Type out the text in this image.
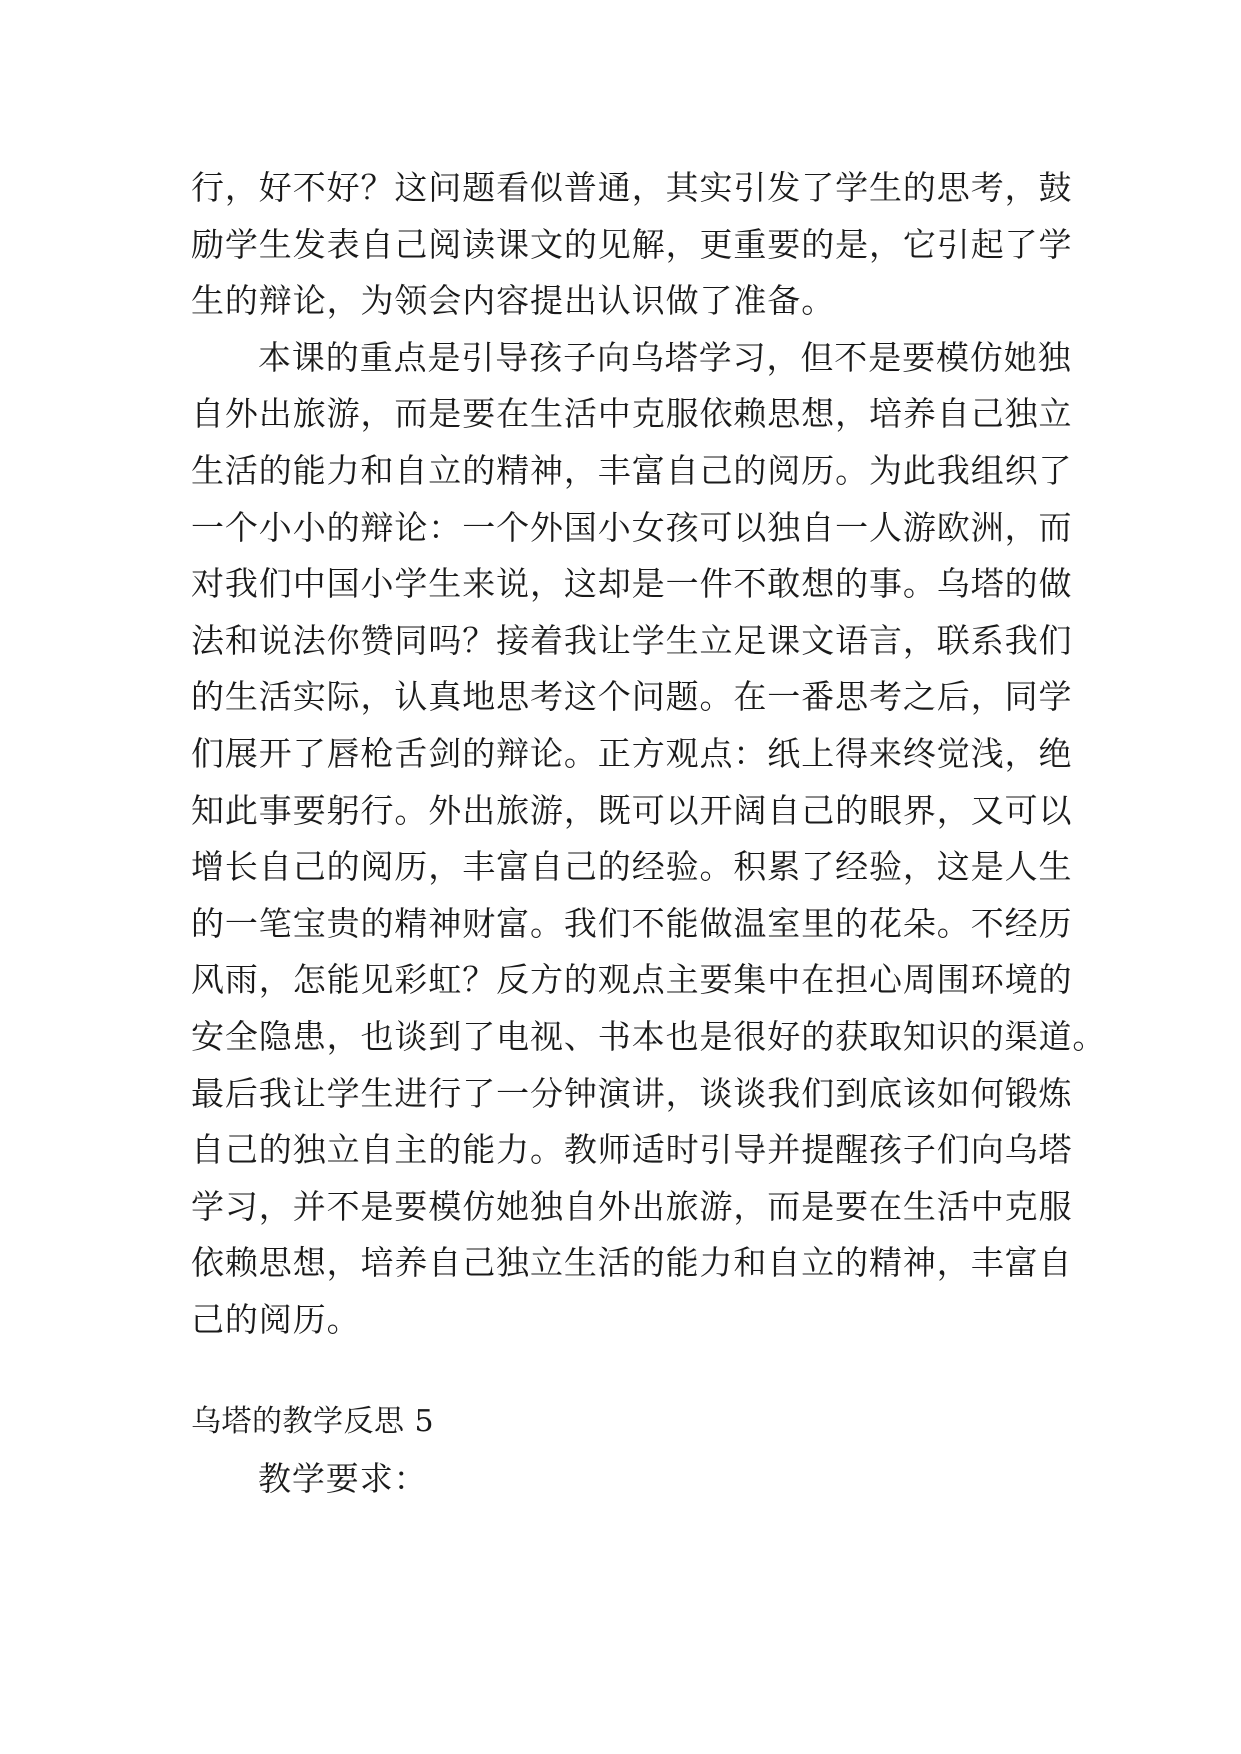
行，好不好？这问题看似普通，其实引发了学生的思考，鼓
励学生发表自己阅读课文的见解，更重要的是，它引起了学
生的辩论，为领会内容提出认识做了准备。
本课的重点是引导孩子向乌塔学习，但不是要模仿她独
自外出旅游，而是要在生活中克服依赖思想，培养自己独立
生活的能力和自立的精神，丰富自己的阅历。为此我组织了
一个小小的辩论：一个外国小女孩可以独自一人游欧洲，而
对我们中国小学生来说，这却是一件不敢想的事。乌塔的做
法和说法你赞同吗？接着我让学生立足课文语言，联系我们
的生活实际，认真地思考这个问题。在一番思考之后，同学
们展开了唇枪舌剑的辩论。正方观点：纸上得来终觉浅，绝
知此事要躬行。外出旅游，既可以开阔自己的眼界，又可以
增长自己的阅历，丰富自己的经验。积累了经验，这是人生
的一笔宝贵的精神财富。我们不能做温室里的花朵。不经历
风雨，怎能见彩虹？反方的观点主要集中在担心周围环境的
安全隐患，也谈到了电视、书本也是很好的获取知识的渠道。
最后我让学生进行了一分钟演讲，谈谈我们到底该如何锻炼
自己的独立自主的能力。教师适时引导并提醒孩子们向乌塔
学习，并不是要模仿她独自外出旅游，而是要在生活中克服
依赖思想，培养自己独立生活的能力和自立的精神，丰富自
己的阅历。
乌塔的教学反思 5
教学要求：
